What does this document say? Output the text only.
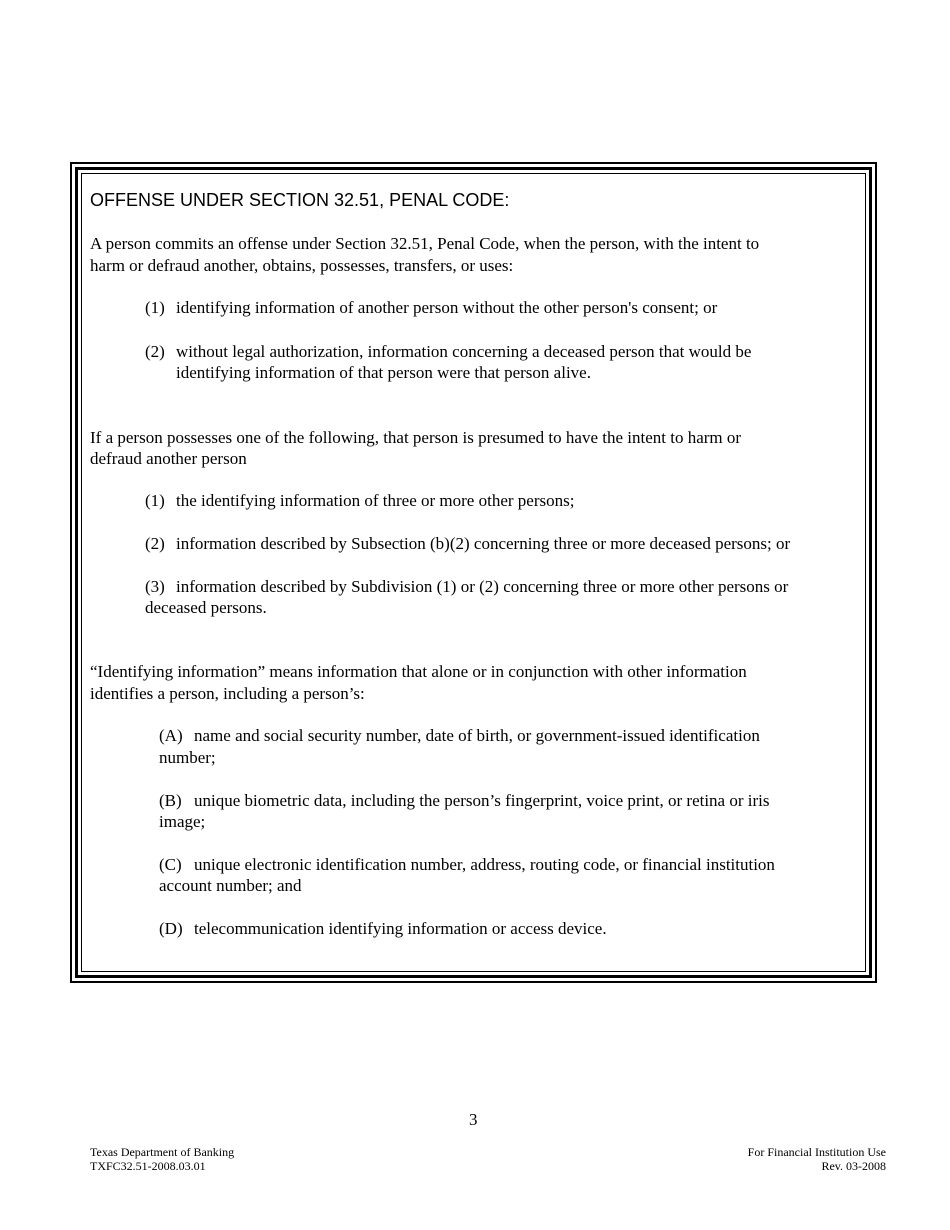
OFFENSE UNDER SECTION 32.51, PENAL CODE:
A person commits an offense under Section 32.51, Penal Code, when the person, with the intent to
harm or defraud another, obtains, possesses, transfers, or uses:
(1) identifying information of another person without the other person's consent; or
(2) without legal authorization, information concerning a deceased person that would be
identifying information of that person were that person alive.
If a person possesses one of the following, that person is presumed to have the intent to harm or
defraud another person
(1) the identifying information of three or more other persons;
(2) information described by Subsection (b)(2) concerning three or more deceased persons; or
(3) information described by Subdivision (1) or (2) concerning three or more other persons or
deceased persons.
“Identifying information” means information that alone or in conjunction with other information
identifies a person, including a person’s:
(A) name and social security number, date of birth, or government-issued identification
number;
(B) unique biometric data, including the person’s fingerprint, voice print, or retina or iris
image;
(C) unique electronic identification number, address, routing code, or financial institution
account number; and
(D) telecommunication identifying information or access device.
3
Texas Department of Banking
TXFC32.51-2008.03.01
For Financial Institution Use
Rev. 03-2008
